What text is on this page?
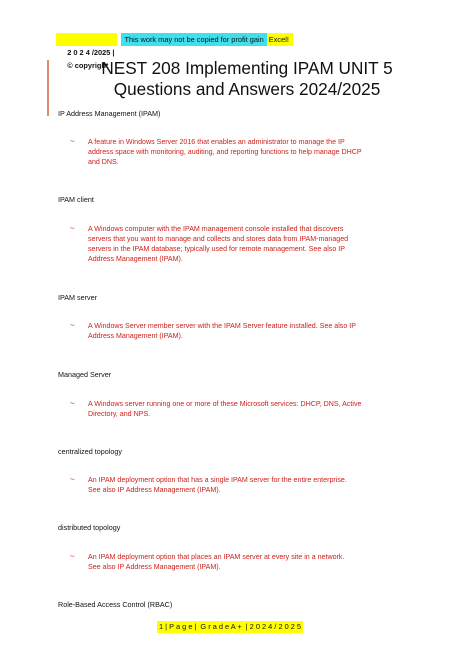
2 0 2 4 /2025 |
© copyright |

This work may not be copied for profit gain Excel!
NEST 208 Implementing IPAM UNIT 5
Questions and Answers 2024/2025
IP Address Management (IPAM)
~ A feature in Windows Server 2016 that enables an administrator to manage the IP
address space with monitoring, auditing, and reporting functions to help manage DHCP
and DNS.
IPAM client
~ A Windows computer with the IPAM management console installed that discovers
servers that you want to manage and collects and stores data from IPAM-managed
servers in the IPAM database; typically used for remote management. See also IP
Address Management (IPAM).
IPAM server
~ A Windows Server member server with the IPAM Server feature installed. See also IP
Address Management (IPAM).
Managed Server
~ A Windows server running one or more of these Microsoft services: DHCP, DNS, Active
Directory, and NPS.
centralized topology
~ An IPAM deployment option that has a single IPAM server for the entire enterprise.
See also IP Address Management (IPAM).
distributed topology
~ An IPAM deployment option that places an IPAM server at every site in a network.
See also IP Address Management (IPAM).
Role-Based Access Control (RBAC)
1 | P a g e | G r a d e A + | 2 0 2 4 / 2 0 2 5
